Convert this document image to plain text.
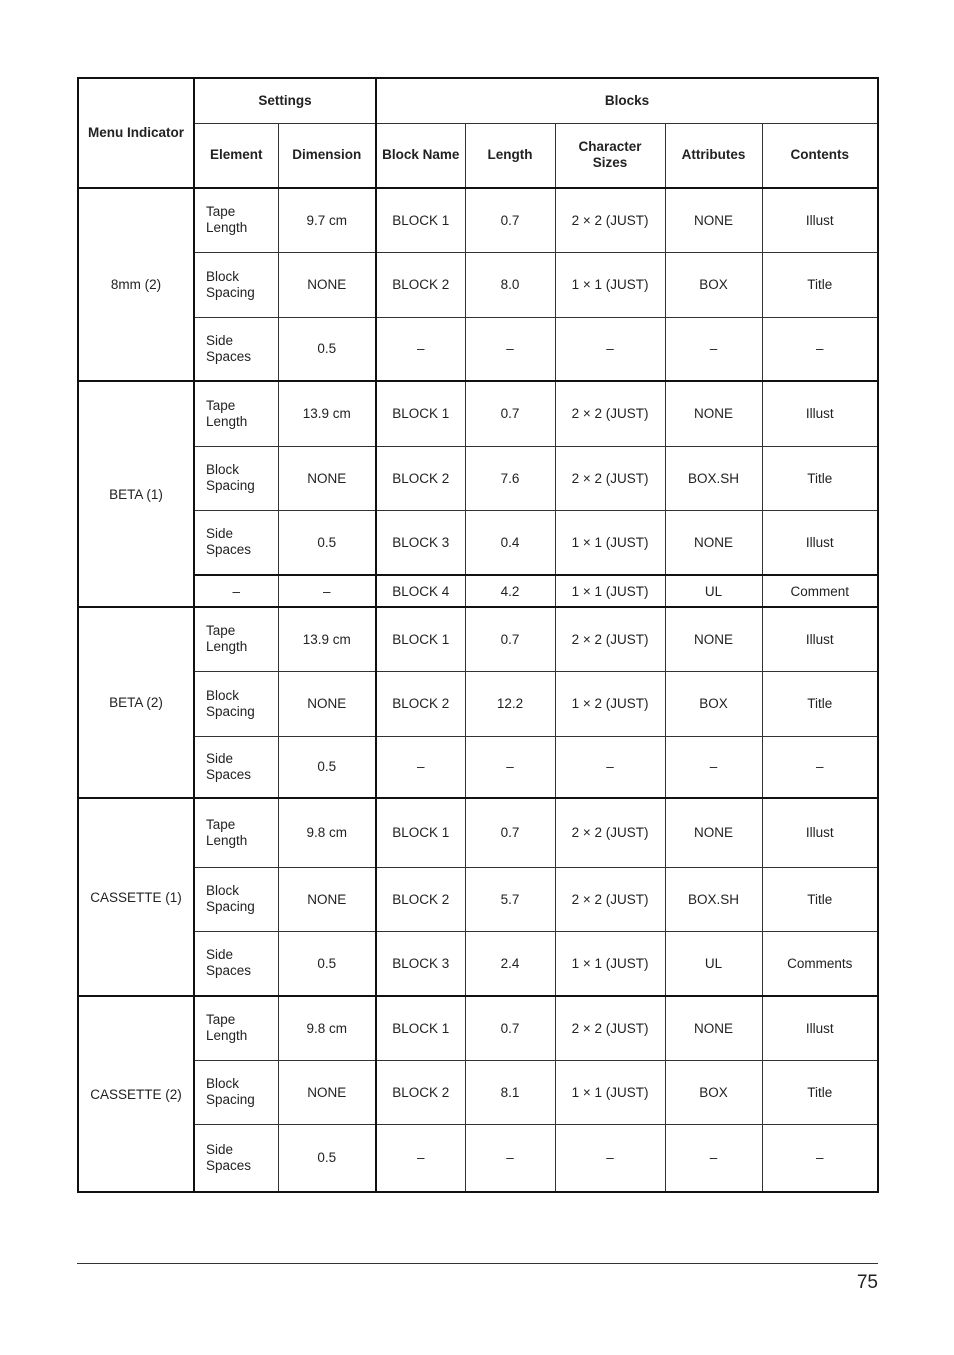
Menu Indicator	Settings		Blocks				
	Element	Dimension	Block Name	Length	Character Sizes	Attributes	Contents
8mm (2)	Tape Length	9.7 cm	BLOCK 1	0.7	2 × 2 (JUST)	NONE	Illust
	Block Spacing	NONE	BLOCK 2	8.0	1 × 1 (JUST)	BOX	Title
	Side Spaces	0.5	–	–	–	–	–
BETA (1)	Tape Length	13.9 cm	BLOCK 1	0.7	2 × 2 (JUST)	NONE	Illust
	Block Spacing	NONE	BLOCK 2	7.6	2 × 2 (JUST)	BOX.SH	Title
	Side Spaces	0.5	BLOCK 3	0.4	1 × 1 (JUST)	NONE	Illust
	–	–	BLOCK 4	4.2	1 × 1 (JUST)	UL	Comment
BETA (2)	Tape Length	13.9 cm	BLOCK 1	0.7	2 × 2 (JUST)	NONE	Illust
	Block Spacing	NONE	BLOCK 2	12.2	1 × 2 (JUST)	BOX	Title
	Side Spaces	0.5	–	–	–	–	–
CASSETTE (1)	Tape Length	9.8 cm	BLOCK 1	0.7	2 × 2 (JUST)	NONE	Illust
	Block Spacing	NONE	BLOCK 2	5.7	2 × 2 (JUST)	BOX.SH	Title
	Side Spaces	0.5	BLOCK 3	2.4	1 × 1 (JUST)	UL	Comments
CASSETTE (2)	Tape Length	9.8 cm	BLOCK 1	0.7	2 × 2 (JUST)	NONE	Illust
	Block Spacing	NONE	BLOCK 2	8.1	1 × 1 (JUST)	BOX	Title
	Side Spaces	0.5	–	–	–	–	–
75
